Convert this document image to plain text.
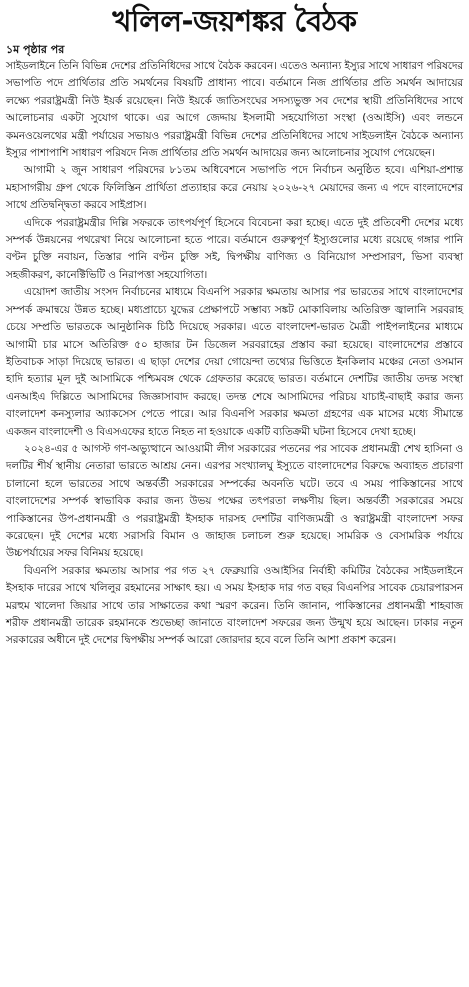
খলিল-জয়শঙ্কর বৈঠক
১ম পৃষ্ঠার পর

সাইডলাইনে তিনি বিভিন্ন দেশের প্রতিনিধিদের সাথে বৈঠক করবেন। এতেও অন্যান্য ইস্যুর সাথে সাধারণ পরিষদের সভাপতি পদে প্রার্থিতার প্রতি সমর্থনের বিষয়টি প্রাধান্য পাবে। বর্তমানে নিজ প্রার্থিতার প্রতি সমর্থন আদায়ের লক্ষ্যে পররাষ্ট্রমন্ত্রী নিউ ইয়র্ক রয়েছেন। নিউ ইয়র্কে জাতিসংঘের সদস্যভুক্ত সব দেশের স্থায়ী প্রতিনিধিদের সাথে আলোচনার একটা সুযোগ থাকে। এর আগে জেদ্দায় ইসলামী সহযোগিতা সংস্থা (ওআইসি) এবং লন্ডনে কমনওয়েলথের মন্ত্রী পর্যায়ের সভায়ও পররাষ্ট্রমন্ত্রী বিভিন্ন দেশের প্রতিনিধিদের সাথে সাইডলাইন বৈঠকে অন্যান্য ইস্যুর পাশাপাশি সাধারণ পরিষদে নিজ প্রার্থিতার প্রতি সমর্থন আদায়ের জন্য আলোচনার সুযোগ পেয়েছেন।

আগামী ২ জুন সাধারণ পরিষদের ৮১তম অধিবেশনে সভাপতি পদে নির্বাচন অনুষ্ঠিত হবে। এশিয়া-প্রশান্ত মহাসাগরীয় গ্রুপ থেকে ফিলিস্তিন প্রার্থিতা প্রত্যাহার করে নেয়ায় ২০২৬-২৭ মেয়াদের জন্য এ পদে বাংলাদেশের সাথে প্রতিদ্বন্দ্বিতা করবে সাইপ্রাস।

এদিকে পররাষ্ট্রমন্ত্রীর দিল্লি সফরকে তাৎপর্যপূর্ণ হিসেবে বিবেচনা করা হচ্ছে। এতে দুই প্রতিবেশী দেশের মধ্যে সম্পর্ক উন্নয়নের পথরেখা নিয়ে আলোচনা হতে পারে। বর্তমানে গুরুত্বপূর্ণ ইস্যুগুলোর মধ্যে রয়েছে গঙ্গার পানি বণ্টন চুক্তি নবায়ন, তিস্তার পানি বণ্টন চুক্তি সই, দ্বিপক্ষীয় বাণিজ্য ও বিনিয়োগ সম্প্রসারণ, ভিসা ব্যবস্থা সহজীকরণ, কানেক্টিভিটি ও নিরাপত্তা সহযোগিতা।

এয়োদশ জাতীয় সংসদ নির্বাচনের মাধ্যমে বিএনপি সরকার ক্ষমতায় আসার পর ভারতের সাথে বাংলাদেশের সম্পর্ক ক্রমান্বয়ে উন্নত হচ্ছে। মধ্যপ্রাচ্যে যুদ্ধের প্রেক্ষাপটে সম্ভাব্য সঙ্কট মোকাবিলায় অতিরিক্ত জ্বালানি সরবরাহ চেয়ে সম্প্রতি ভারতকে আনুষ্ঠানিক চিঠি দিয়েছে সরকার। এতে বাংলাদেশ-ভারত মৈত্রী পাইপলাইনের মাধ্যমে আগামী চার মাসে অতিরিক্ত ৫০ হাজার টন ডিজেল সরবরাহের প্রস্তাব করা হয়েছে। বাংলাদেশের প্রস্তাবে ইতিবাচক সাড়া দিয়েছে ভারত। এ ছাড়া দেশের দেয়া গোয়েন্দা তথ্যের ভিত্তিতে ইনকিলাব মঞ্চের নেতা ওসমান হাদি হত্যার মূল দুই আসামিকে পশ্চিমবঙ্গ থেকে গ্রেফতার করেছে ভারত। বর্তমানে দেশটির জাতীয় তদন্ত সংস্থা এনআইএ দিল্লিতে আসামিদের জিজ্ঞাসাবাদ করছে। তদন্ত শেষে আসামিদের পরিচয় যাচাই-বাছাই করার জন্য বাংলাদেশ কনস্যুলার অ্যাকসেস পেতে পারে। আর বিএনপি সরকার ক্ষমতা গ্রহণের এক মাসের মধ্যে সীমান্তে একজন বাংলাদেশী ও বিএসএফের হাতে নিহত না হওয়াকে একটি ব্যতিক্রমী ঘটনা হিসেবে দেখা হচ্ছে।

২০২৪-এর ৫ আগস্ট গণ-অভ্যুত্থানে আওয়ামী লীগ সরকারের পতনের পর সাবেক প্রধানমন্ত্রী শেখ হাসিনা ও দলটির শীর্ষ স্থানীয় নেতারা ভারতে আশ্রয় নেন। এরপর সংখ্যালঘু ইস্যুতে বাংলাদেশের বিরুদ্ধে অব্যাহত প্রচারণা চালানো হলে ভারতের সাথে অন্তর্বর্তী সরকারের সম্পর্কের অবনতি ঘটে। তবে এ সময় পাকিস্তানের সাথে বাংলাদেশের সম্পর্ক স্বাভাবিক করার জন্য উভয় পক্ষের তৎপরতা লক্ষণীয় ছিল। অন্তর্বর্তী সরকারের সময়ে পাকিস্তানের উপ-প্রধানমন্ত্রী ও পররাষ্ট্রমন্ত্রী ইসহাক দারসহ দেশটির বাণিজ্যমন্ত্রী ও স্বরাষ্ট্রমন্ত্রী বাংলাদেশ সফর করেছেন। দুই দেশের মধ্যে সরাসরি বিমান ও জাহাজ চলাচল শুরু হয়েছে। সামরিক ও বেসামরিক পর্যায়ে উচ্চপর্যায়ের সফর বিনিময় হয়েছে।

বিএনপি সরকার ক্ষমতায় আসার পর গত ২৭ ফেব্রুয়ারি ওআইসির নির্বাহী কমিটির বৈঠকের সাইডলাইনে ইসহাক দারের সাথে খলিলুর রহমানের সাক্ষাৎ হয়। এ সময় ইসহাক দার গত বছর বিএনপির সাবেক চেয়ারপারসন মরহুম খালেদা জিয়ার সাথে তার সাক্ষাতের কথা স্মরণ করেন। তিনি জানান, পাকিস্তানের প্রধানমন্ত্রী শাহবাজ শরীফ প্রধানমন্ত্রী তারেক রহমানকে শুভেচ্ছা জানাতে বাংলাদেশ সফরের জন্য উন্মুখ হয়ে আছেন। ঢাকার নতুন সরকারের অধীনে দুই দেশের দ্বিপক্ষীয় সম্পর্ক আরো জোরদার হবে বলে তিনি আশা প্রকাশ করেন।
